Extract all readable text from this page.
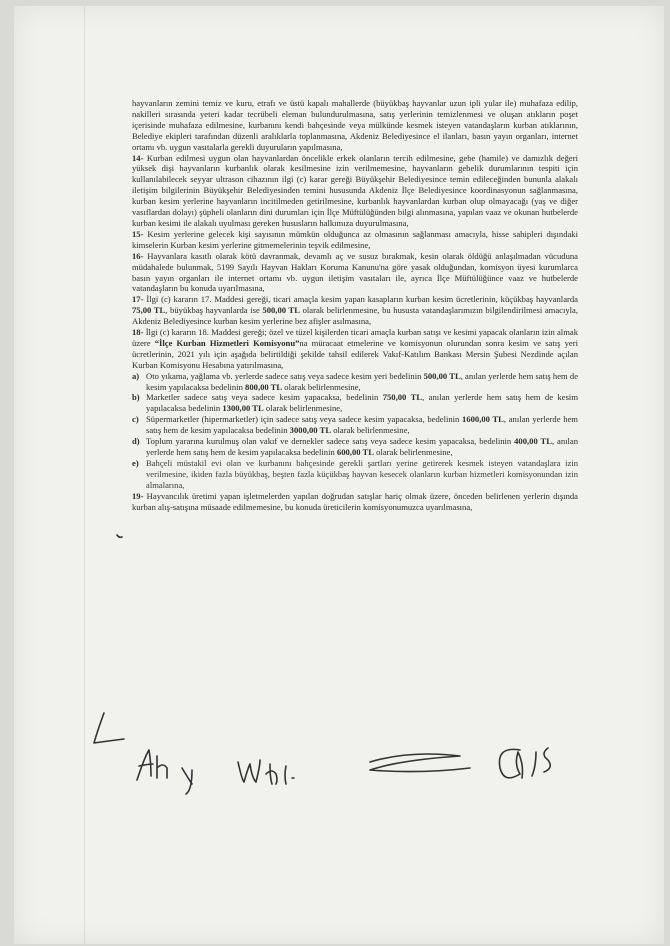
hayvanların zemini temiz ve kuru, etrafı ve üstü kapalı mahallerde (büyükbaş hayvanlar uzun ipli yular ile) muhafaza edilip, nakilleri sırasında yeteri kadar tecrübeli eleman bulundurulmasına, satış yerlerinin temizlenmesi ve oluşan atıkların poşet içerisinde muhafaza edilmesine, kurbanını kendi bahçesinde veya mülkünde kesmek isteyen vatandaşların kurban atıklarının, Belediye ekipleri tarafından düzenli aralıklarla toplanmasına, Akdeniz Belediyesince el ilanları, basın yayın organları, internet ortamı vb. uygun vasıtalarla gerekli duyuruların yapılmasına,

14- Kurban edilmesi uygun olan hayvanlardan öncelikle erkek olanların tercih edilmesine, gebe (hamile) ve damızlık değeri yüksek dişi hayvanların kurbanlık olarak kesilmesine izin verilmemesine, hayvanların gebelik durumlarının tespiti için kullanılabilecek seyyar ultrason cihazının ilgi (c) karar gereği Büyükşehir Belediyesince temin edileceğinden bununla alakalı iletişim bilgilerinin Büyükşehir Belediyesinden temini hususunda Akdeniz İlçe Belediyesince koordinasyonun sağlanmasına, kurban kesim yerlerine hayvanların incitilmeden getirilmesine, kurbanlık hayvanlardan kurban olup olmayacağı (yaş ve diğer vasıflardan dolayı) şüpheli olanların dini durumları için İlçe Müftülüğünden bilgi alınmasına, yapılan vaaz ve okunan hutbelerde kurban kesimi ile alakalı uyulması gereken hususların halkımıza duyurulmasına,

15- Kesim yerlerine gelecek kişi sayısının mümkün olduğunca az olmasının sağlanması amacıyla, hisse sahipleri dışındaki kimselerin Kurban kesim yerlerine gitmemelerinin teşvik edilmesine,

16- Hayvanlara kasıtlı olarak kötü davranmak, devamlı aç ve susuz bırakmak, kesin olarak öldüğü anlaşılmadan vücuduna müdahalede bulunmak, 5199 Sayılı Hayvan Hakları Koruma Kanunu'na göre yasak olduğundan, komisyon üyesi kurumlarca basın yayın organları ile internet ortamı vb. uygun iletişim vasıtaları ile, ayrıca İlçe Müftülüğünce vaaz ve hutbelerde vatandaşların bu konuda uyarılmasına,

17- İlgi (c) kararın 17. Maddesi gereği, ticari amaçla kesim yapan kasapların kurban kesim ücretlerinin, küçükbaş hayvanlarda 75,00 TL, büyükbaş hayvanlarda ise 500,00 TL olarak belirlenmesine, bu hususta vatandaşlarımızın bilgilendirilmesi amacıyla, Akdeniz Belediyesince kurban kesim yerlerine bez afişler asılmasına,

18- İlgi (c) kararın 18. Maddesi gereği; özel ve tüzel kişilerden ticari amaçla kurban satışı ve kesimi yapacak olanların izin almak üzere “İlçe Kurban Hizmetleri Komisyonu”na müracaat etmelerine ve komisyonun olurundan sonra kesim ve satış yeri ücretlerinin, 2021 yılı için aşağıda belirtildiği şekilde tahsil edilerek Vakıf-Katılım Bankası Mersin Şubesi Nezdinde açılan Kurban Komisyonu Hesabına yatırılmasına,

a) Oto yıkama, yağlama vb. yerlerde sadece satış veya sadece kesim yeri bedelinin 500,00 TL, anılan yerlerde hem satış hem de kesim yapılacaksa bedelinin 800,00 TL olarak belirlenmesine,
b) Marketler sadece satış veya sadece kesim yapacaksa, bedelinin 750,00 TL, anılan yerlerde hem satış hem de kesim yapılacaksa bedelinin 1300,00 TL olarak belirlenmesine,
c) Süpermarketler (hipermarketler) için sadece satış veya sadece kesim yapacaksa, bedelinin 1600,00 TL, anılan yerlerde hem satış hem de kesim yapılacaksa bedelinin 3000,00 TL olarak belirlenmesine,
d) Toplum yararına kurulmuş olan vakıf ve dernekler sadece satış veya sadece kesim yapacaksa, bedelinin 400,00 TL, anılan yerlerde hem satış hem de kesim yapılacaksa bedelinin 600,00 TL olarak belirlenmesine,
e) Bahçeli müstakil evi olan ve kurbanını bahçesinde gerekli şartları yerine getirerek kesmek isteyen vatandaşlara izin verilmesine, ikiden fazla büyükbaş, beşten fazla küçükbaş hayvan kesecek olanların kurban hizmetleri komisyonundan izin almalarına,

19- Hayvancılık üretimi yapan işletmelerden yapılan doğrudan satışlar hariç olmak üzere, önceden belirlenen yerlerin dışında kurban alış-satışına müsaade edilmemesine, bu konuda üreticilerin komisyonumuzca uyarılmasına,
